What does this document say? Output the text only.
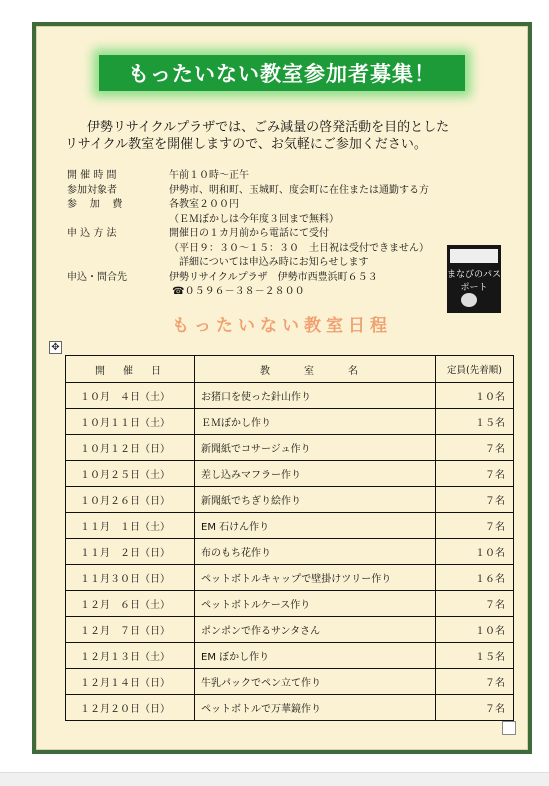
もったいない教室参加者募集！

伊勢リサイクルプラザでは、ごみ減量の啓発活動を目的とした

リサイクル教室を開催しますので、お気軽にご参加ください。

開 催 時 間	午前１０時～正午
参加対象者	伊勢市、明和町、玉城町、度会町に在住または通勤する方
参    加    費	各教室２００円
（ＥＭぼかしは今年度３回まで無料）
申 込 方 法	開催日の１カ月前から電話にて受付
（平日９：３０～１５：３０　土日祝は受付できません）
　詳細については申込み時にお知らせします
申込・問合先	伊勢リサイクルプラザ　伊勢市西豊浜町６５３
☎０５９６－３８－２８００
まなびのパスポート
もったいない教室日程
✥
開　催　日	教　室　名	定員(先着順)
１０月　４日（土）	お猪口を使った針山作り	１０名
１０月１１日（土）	ＥＭぼかし作り	１５名
１０月１２日（日）	新聞紙でコサージュ作り	７名
１０月２５日（土）	差し込みマフラー作り	７名
１０月２６日（日）	新聞紙でちぎり絵作り	７名
１１月　１日（土）	EM 石けん作り	７名
１１月　２日（日）	布のもち花作り	１０名
１１月３０日（日）	ペットボトルキャップで壁掛けツリー作り	１６名
１２月　６日（土）	ペットボトルケース作り	７名
１２月　７日（日）	ポンポンで作るサンタさん	１０名
１２月１３日（土）	EM ぼかし作り	１５名
１２月１４日（日）	牛乳パックでペン立て作り	７名
１２月２０日（日）	ペットボトルで万華鏡作り	７名
